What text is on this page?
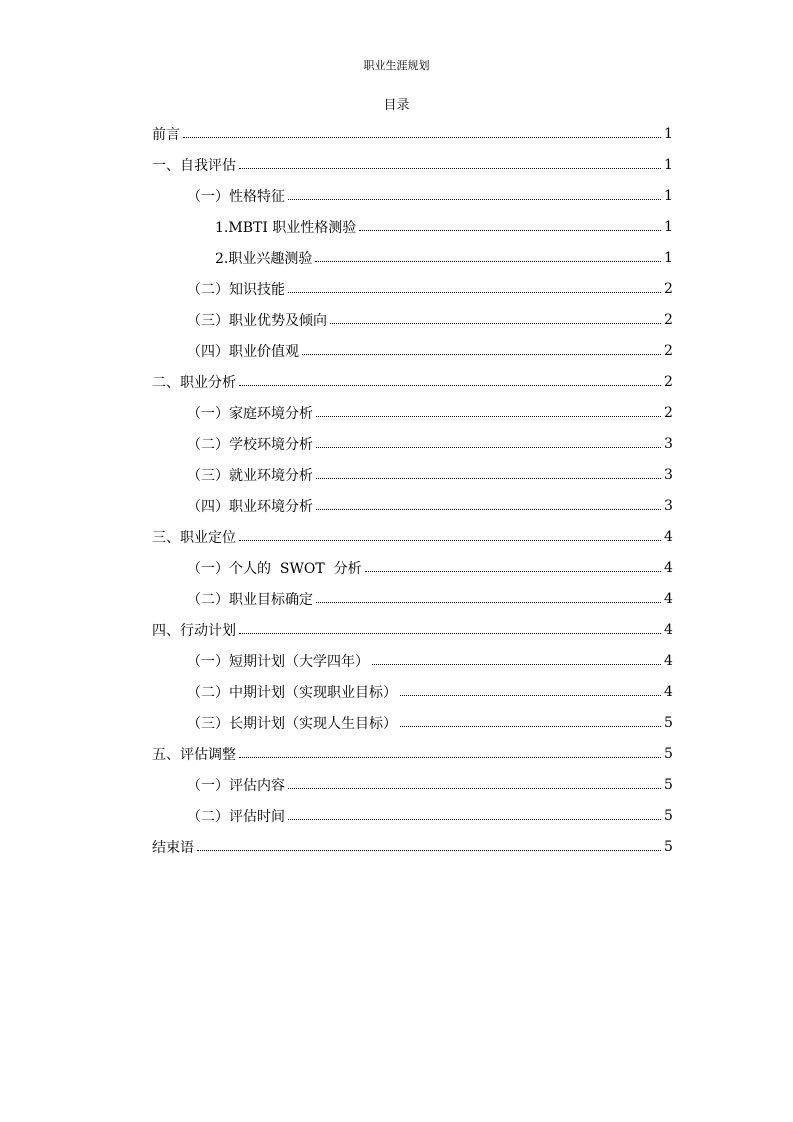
职业生涯规划
目录
前言	1
一、自我评估	1
（一）性格特征	1
1.MBTI 职业性格测验	1
2.职业兴趣测验	1
（二）知识技能	2
（三）职业优势及倾向	2
（四）职业价值观	2
二、职业分析	2
（一）家庭环境分析	2
（二）学校环境分析	3
（三）就业环境分析	3
（四）职业环境分析	3
三、职业定位	4
（一）个人的  SWOT  分析	4
（二）职业目标确定	4
四、行动计划	4
（一）短期计划（大学四年）	4
（二）中期计划（实现职业目标）	4
（三）长期计划（实现人生目标）	5
五、评估调整	5
（一）评估内容	5
（二）评估时间	5
结束语	5
